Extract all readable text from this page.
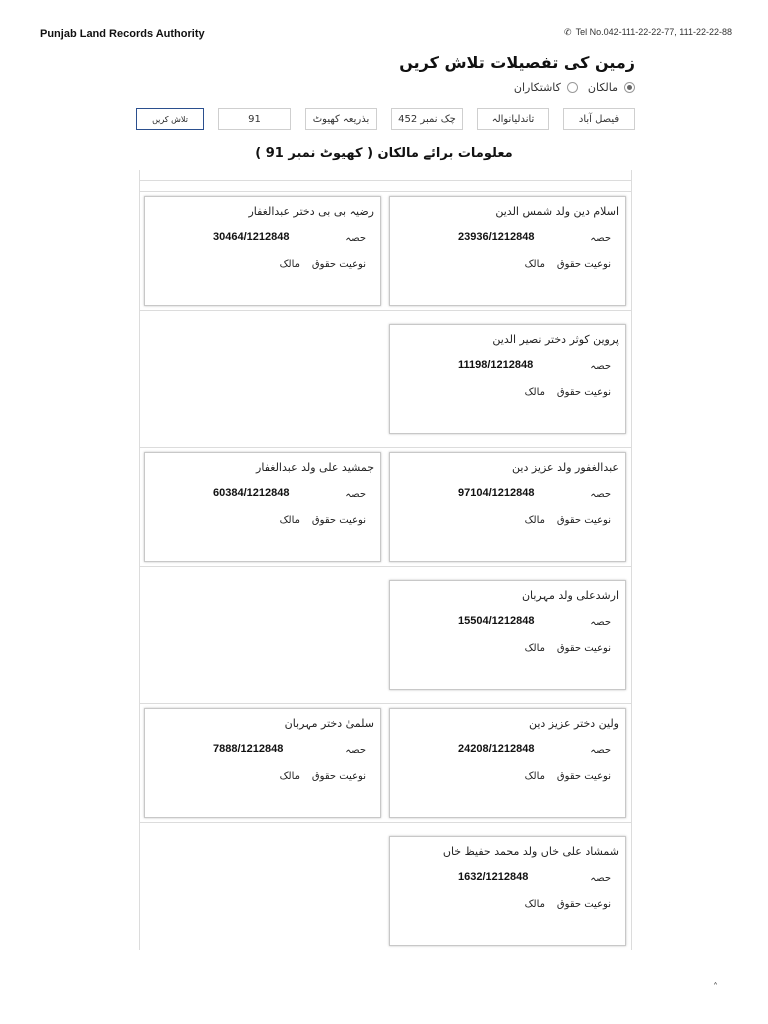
Punjab Land Records Authority	✆ Tel No.042-111-22-22-77, 111-22-22-88
زمین کی تفصیلات تلاش کریں
مالکان
کاشتکاران
فیصل آباد
تاندلیانوالہ
چک نمبر 452
بذریعہ کھیوٹ
91
تلاش کریں
معلومات برائے مالکان ( کھیوٹ نمبر 91 )
اسلام دین ولد شمس الدین
حصہ
23936/1212848
نوعیت حقوق
مالک
رضیہ بی بی دختر عبدالغفار
حصہ
30464/1212848
نوعیت حقوق
مالک
پروین کوثر دختر نصیر الدین
حصہ
11198/1212848
نوعیت حقوق
مالک
عبدالغفور ولد عزیز دین
حصہ
97104/1212848
نوعیت حقوق
مالک
جمشید علی ولد عبدالغفار
حصہ
60384/1212848
نوعیت حقوق
مالک
ارشدعلی ولد مہربان
حصہ
15504/1212848
نوعیت حقوق
مالک
ولین دختر عزیز دین
حصہ
24208/1212848
نوعیت حقوق
مالک
سلمیٰ دختر مہربان
حصہ
7888/1212848
نوعیت حقوق
مالک
شمشاد علی خاں ولد محمد حفیظ خاں
حصہ
1632/1212848
نوعیت حقوق
مالک
˄
